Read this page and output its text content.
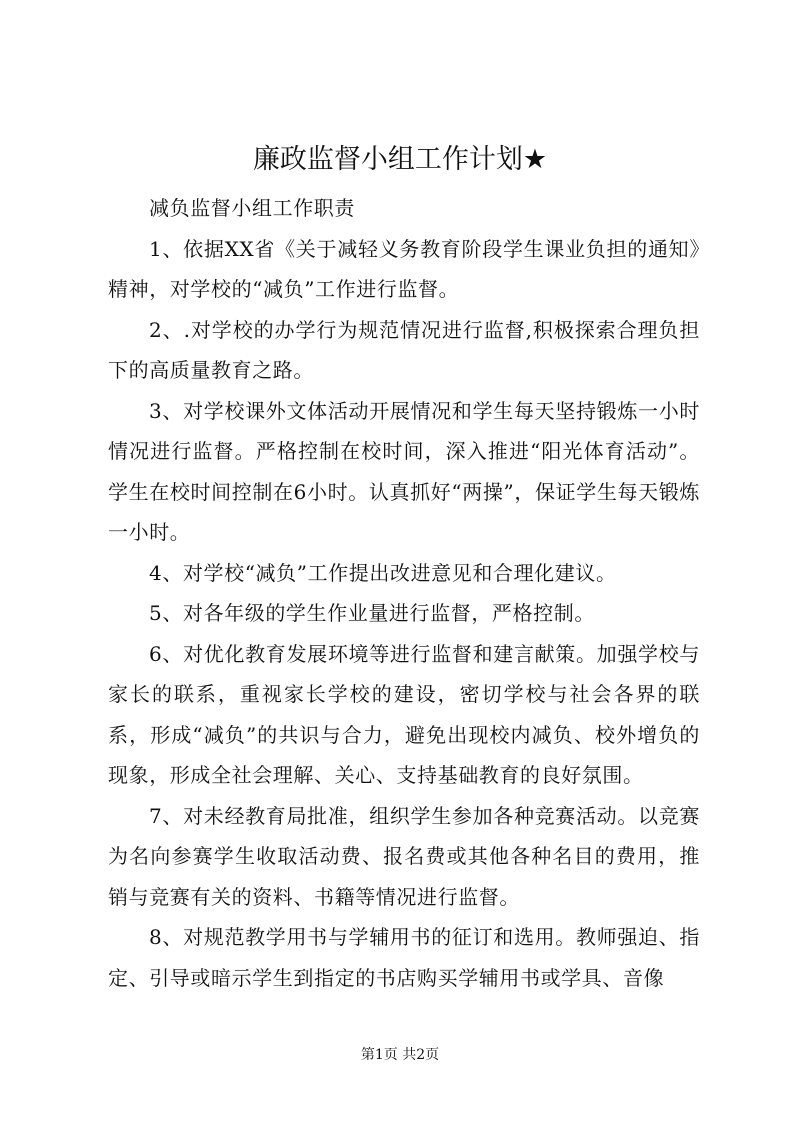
廉政监督小组工作计划★

减负监督小组工作职责

1、依据XX省《关于减轻义务教育阶段学生课业负担的通知》精神，对学校的“减负”工作进行监督。

2、.对学校的办学行为规范情况进行监督,积极探索合理负担下的高质量教育之路。

3、对学校课外文体活动开展情况和学生每天坚持锻炼一小时情况进行监督。严格控制在校时间，深入推进“阳光体育活动”。学生在校时间控制在6小时。认真抓好“两操”，保证学生每天锻炼一小时。

4、对学校“减负”工作提出改进意见和合理化建议。

5、对各年级的学生作业量进行监督，严格控制。

6、对优化教育发展环境等进行监督和建言献策。加强学校与家长的联系，重视家长学校的建设，密切学校与社会各界的联系，形成“减负”的共识与合力，避免出现校内减负、校外增负的现象，形成全社会理解、关心、支持基础教育的良好氛围。

7、对未经教育局批准，组织学生参加各种竞赛活动。以竞赛为名向参赛学生收取活动费、报名费或其他各种名目的费用，推销与竞赛有关的资料、书籍等情况进行监督。

8、对规范教学用书与学辅用书的征订和选用。教师强迫、指定、引导或暗示学生到指定的书店购买学辅用书或学具、音像

第1页 共2页
